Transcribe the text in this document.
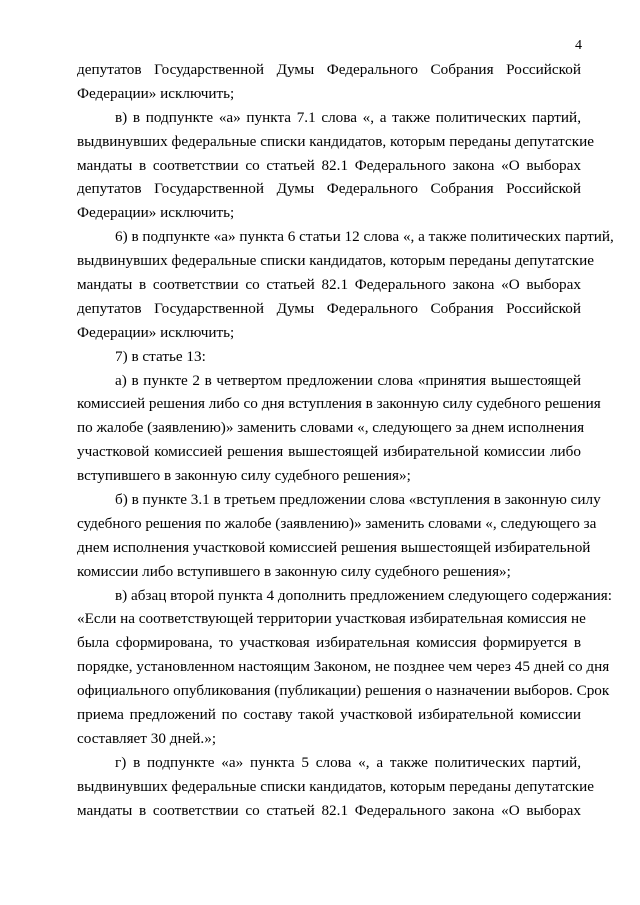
4
депутатов Государственной Думы Федерального Собрания Российской
Федерации» исключить;
в) в подпункте «а» пункта 7.1 слова «, а также политических партий,
выдвинувших федеральные списки кандидатов, которым переданы депутатские
мандаты в соответствии со статьей 82.1 Федерального закона «О выборах
депутатов Государственной Думы Федерального Собрания Российской
Федерации» исключить;
6) в подпункте «а» пункта 6 статьи 12 слова «, а также политических партий,
выдвинувших федеральные списки кандидатов, которым переданы депутатские
мандаты в соответствии со статьей 82.1 Федерального закона «О выборах
депутатов Государственной Думы Федерального Собрания Российской
Федерации» исключить;
7) в статье 13:
а) в пункте 2 в четвертом предложении слова «принятия вышестоящей
комиссией решения либо со дня вступления в законную силу судебного решения
по жалобе (заявлению)» заменить словами «, следующего за днем исполнения
участковой комиссией решения вышестоящей избирательной комиссии либо
вступившего в законную силу судебного решения»;
б) в пункте 3.1 в третьем предложении слова «вступления в законную силу
судебного решения по жалобе (заявлению)» заменить словами «, следующего за
днем исполнения участковой комиссией решения вышестоящей избирательной
комиссии либо вступившего в законную силу судебного решения»;
в) абзац второй пункта 4 дополнить предложением следующего содержания:
«Если на соответствующей территории участковая избирательная комиссия не
была сформирована, то участковая избирательная комиссия формируется в
порядке, установленном настоящим Законом, не позднее чем через 45 дней со дня
официального опубликования (публикации) решения о назначении выборов. Срок
приема предложений по составу такой участковой избирательной комиссии
составляет 30 дней.»;
г) в подпункте «а» пункта 5 слова «, а также политических партий,
выдвинувших федеральные списки кандидатов, которым переданы депутатские
мандаты в соответствии со статьей 82.1 Федерального закона «О выборах
